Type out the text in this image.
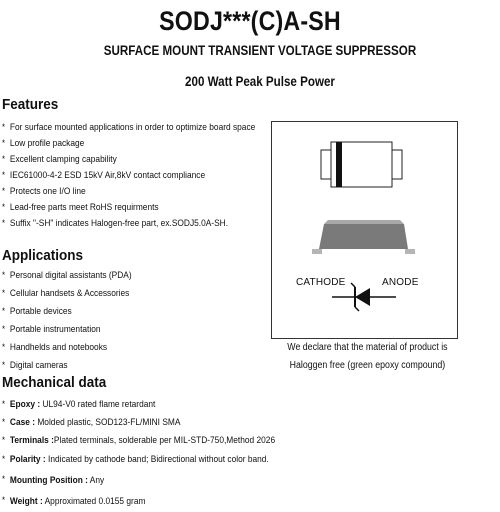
SODJ***(C)A-SH
SURFACE MOUNT TRANSIENT VOLTAGE SUPPRESSOR
200 Watt Peak Pulse Power
Features
* For surface mounted applications in order to optimize board space
* Low profile package
* Excellent clamping capability
* IEC61000-4-2 ESD 15kV Air,8kV contact compliance
* Protects one I/O line
* Lead-free parts meet RoHS requirments
* Suffix "-SH" indicates Halogen-free part, ex.SODJ5.0A-SH.
Applications
* Personal digital assistants (PDA)
* Cellular handsets & Accessories
* Portable devices
* Portable instrumentation
* Handhelds and notebooks
* Digital cameras
Mechanical data
* Epoxy : UL94-V0 rated flame retardant
* Case : Molded plastic, SOD123-FL/MINI SMA
* Terminals :Plated terminals, solderable per MIL-STD-750,Method 2026
* Polarity : Indicated by cathode band; Bidirectional without color band.
* Mounting Position : Any
* Weight : Approximated 0.0155 gram
CATHODE	ANODE
We declare that the material of product is
Haloggen free (green epoxy compound)
